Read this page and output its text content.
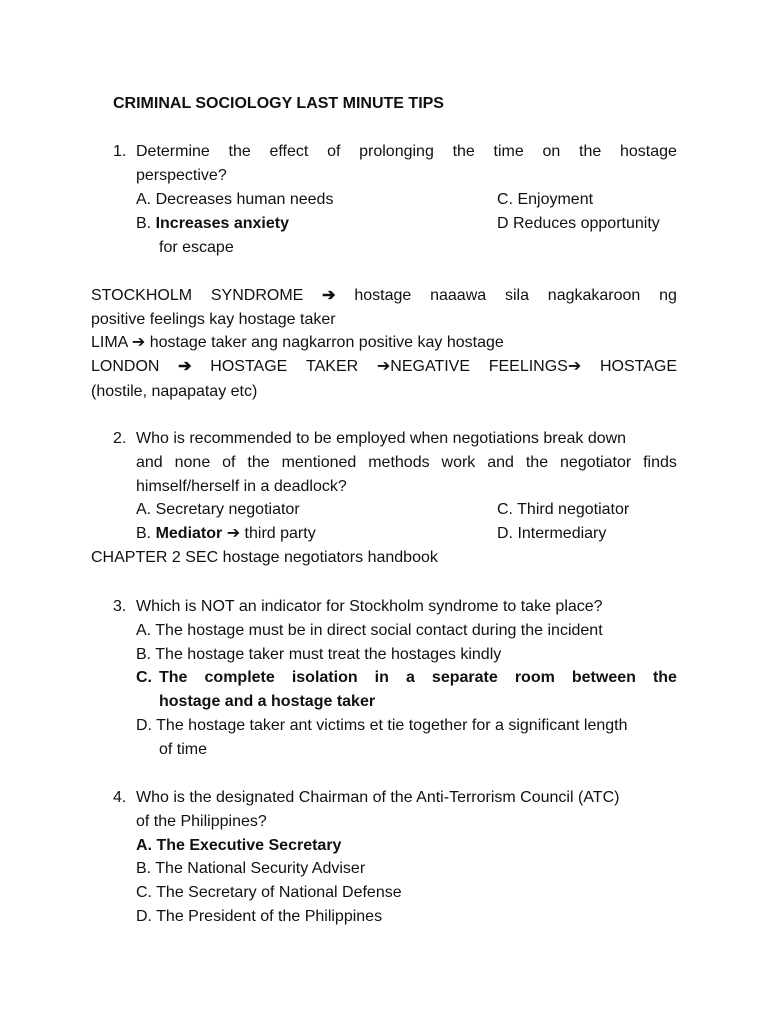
CRIMINAL SOCIOLOGY LAST MINUTE TIPS
1. Determine the effect of prolonging the time on the hostage
perspective?
A. Decreases human needs	C. Enjoyment
B. Increases anxiety	D Reduces opportunity
for escape
STOCKHOLM SYNDROME ➔ hostage naaawa sila nagkakaroon ng
positive feelings kay hostage taker
LIMA ➔ hostage taker ang nagkarron positive kay hostage
LONDON ➔ HOSTAGE TAKER ➔NEGATIVE FEELINGS➔ HOSTAGE
(hostile, napapatay etc)
2. Who is recommended to be employed when negotiations break down
and none of the mentioned methods work and the negotiator finds
himself/herself in a deadlock?
A. Secretary negotiator	C. Third negotiator
B. Mediator ➔ third party	D. Intermediary
CHAPTER 2 SEC hostage negotiators handbook
3. Which is NOT an indicator for Stockholm syndrome to take place?
A. The hostage must be in direct social contact during the incident
B. The hostage taker must treat the hostages kindly
C. The complete isolation in a separate room between the
hostage and a hostage taker
D. The hostage taker ant victims et tie together for a significant length
of time
4. Who is the designated Chairman of the Anti-Terrorism Council (ATC)
of the Philippines?
A. The Executive Secretary
B. The National Security Adviser
C. The Secretary of National Defense
D. The President of the Philippines
